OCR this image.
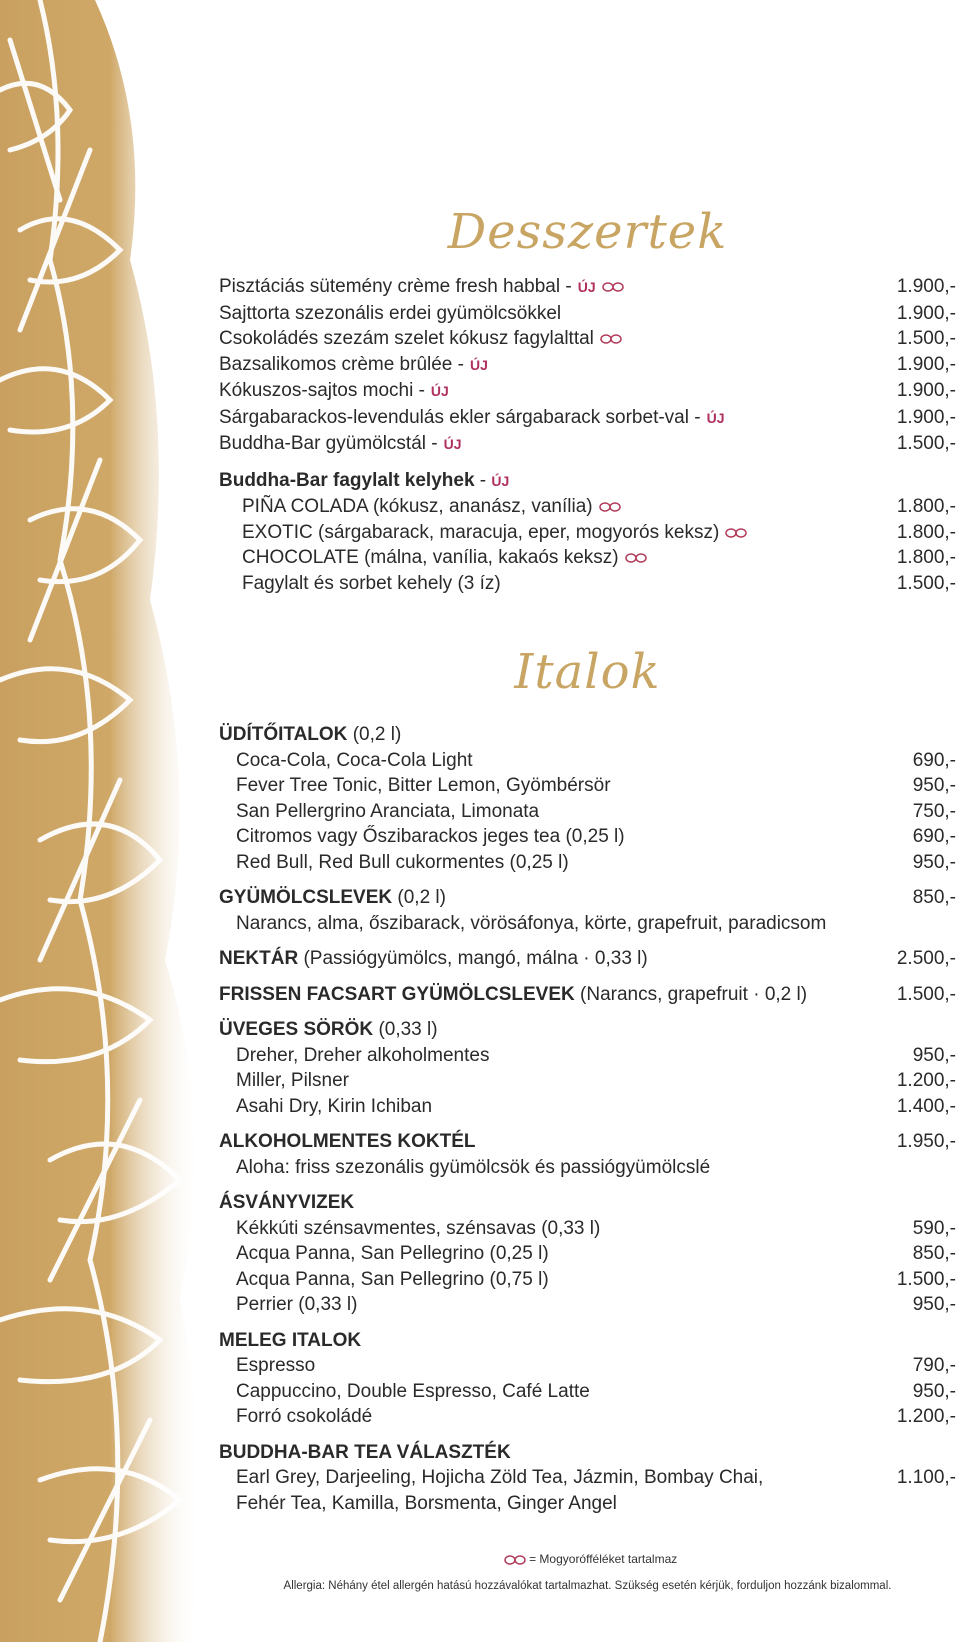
Desszertek
Pisztáciás sütemény crème fresh habbal - ÚJ	1.900,-
Sajttorta szezonális erdei gyümölcsökkel	1.900,-
Csokoládés szezám szelet kókusz fagylalttal	1.500,-
Bazsalikomos crème brûlée - ÚJ	1.900,-
Kókuszos-sajtos mochi - ÚJ	1.900,-
Sárgabarackos-levendulás ekler sárgabarack sorbet-val - ÚJ	1.900,-
Buddha-Bar gyümölcstál - ÚJ	1.500,-
Buddha-Bar fagylalt kelyhek - ÚJ
PIÑA COLADA (kókusz, ananász, vanília)	1.800,-
EXOTIC (sárgabarack, maracuja, eper, mogyorós keksz)	1.800,-
CHOCOLATE (málna, vanília, kakaós keksz)	1.800,-
Fagylalt és sorbet kehely (3 íz)	1.500,-
Italok
ÜDÍTŐITALOK (0,2 l)
Coca-Cola, Coca-Cola Light	690,-
Fever Tree Tonic, Bitter Lemon, Gyömbérsör	950,-
San Pellergrino Aranciata, Limonata	750,-
Citromos vagy Őszibarackos jeges tea (0,25 l)	690,-
Red Bull, Red Bull cukormentes (0,25 l)	950,-
GYÜMÖLCSLEVEK (0,2 l)	850,-
Narancs, alma, őszibarack, vörösáfonya, körte, grapefruit, paradicsom
NEKTÁR (Passiógyümölcs, mangó, málna · 0,33 l)	2.500,-
FRISSEN FACSART GYÜMÖLCSLEVEK (Narancs, grapefruit · 0,2 l)	1.500,-
ÜVEGES SÖRÖK (0,33 l)
Dreher, Dreher alkoholmentes	950,-
Miller, Pilsner	1.200,-
Asahi Dry, Kirin Ichiban	1.400,-
ALKOHOLMENTES KOKTÉL	1.950,-
Aloha: friss szezonális gyümölcsök és passiógyümölcslé
ÁSVÁNYVIZEK
Kékkúti szénsavmentes, szénsavas (0,33 l)	590,-
Acqua Panna, San Pellegrino (0,25 l)	850,-
Acqua Panna, San Pellegrino (0,75 l)	1.500,-
Perrier (0,33 l)	950,-
MELEG ITALOK
Espresso	790,-
Cappuccino, Double Espresso, Café Latte	950,-
Forró csokoládé	1.200,-
BUDDHA-BAR TEA VÁLASZTÉK
Earl Grey, Darjeeling, Hojicha Zöld Tea, Jázmin, Bombay Chai,	1.100,-
Fehér Tea, Kamilla, Borsmenta, Ginger Angel
= Mogyorófféléket tartalmaz
Allergia: Néhány étel allergén hatású hozzávalókat tartalmazhat. Szükség esetén kérjük, forduljon hozzánk bizalommal.
